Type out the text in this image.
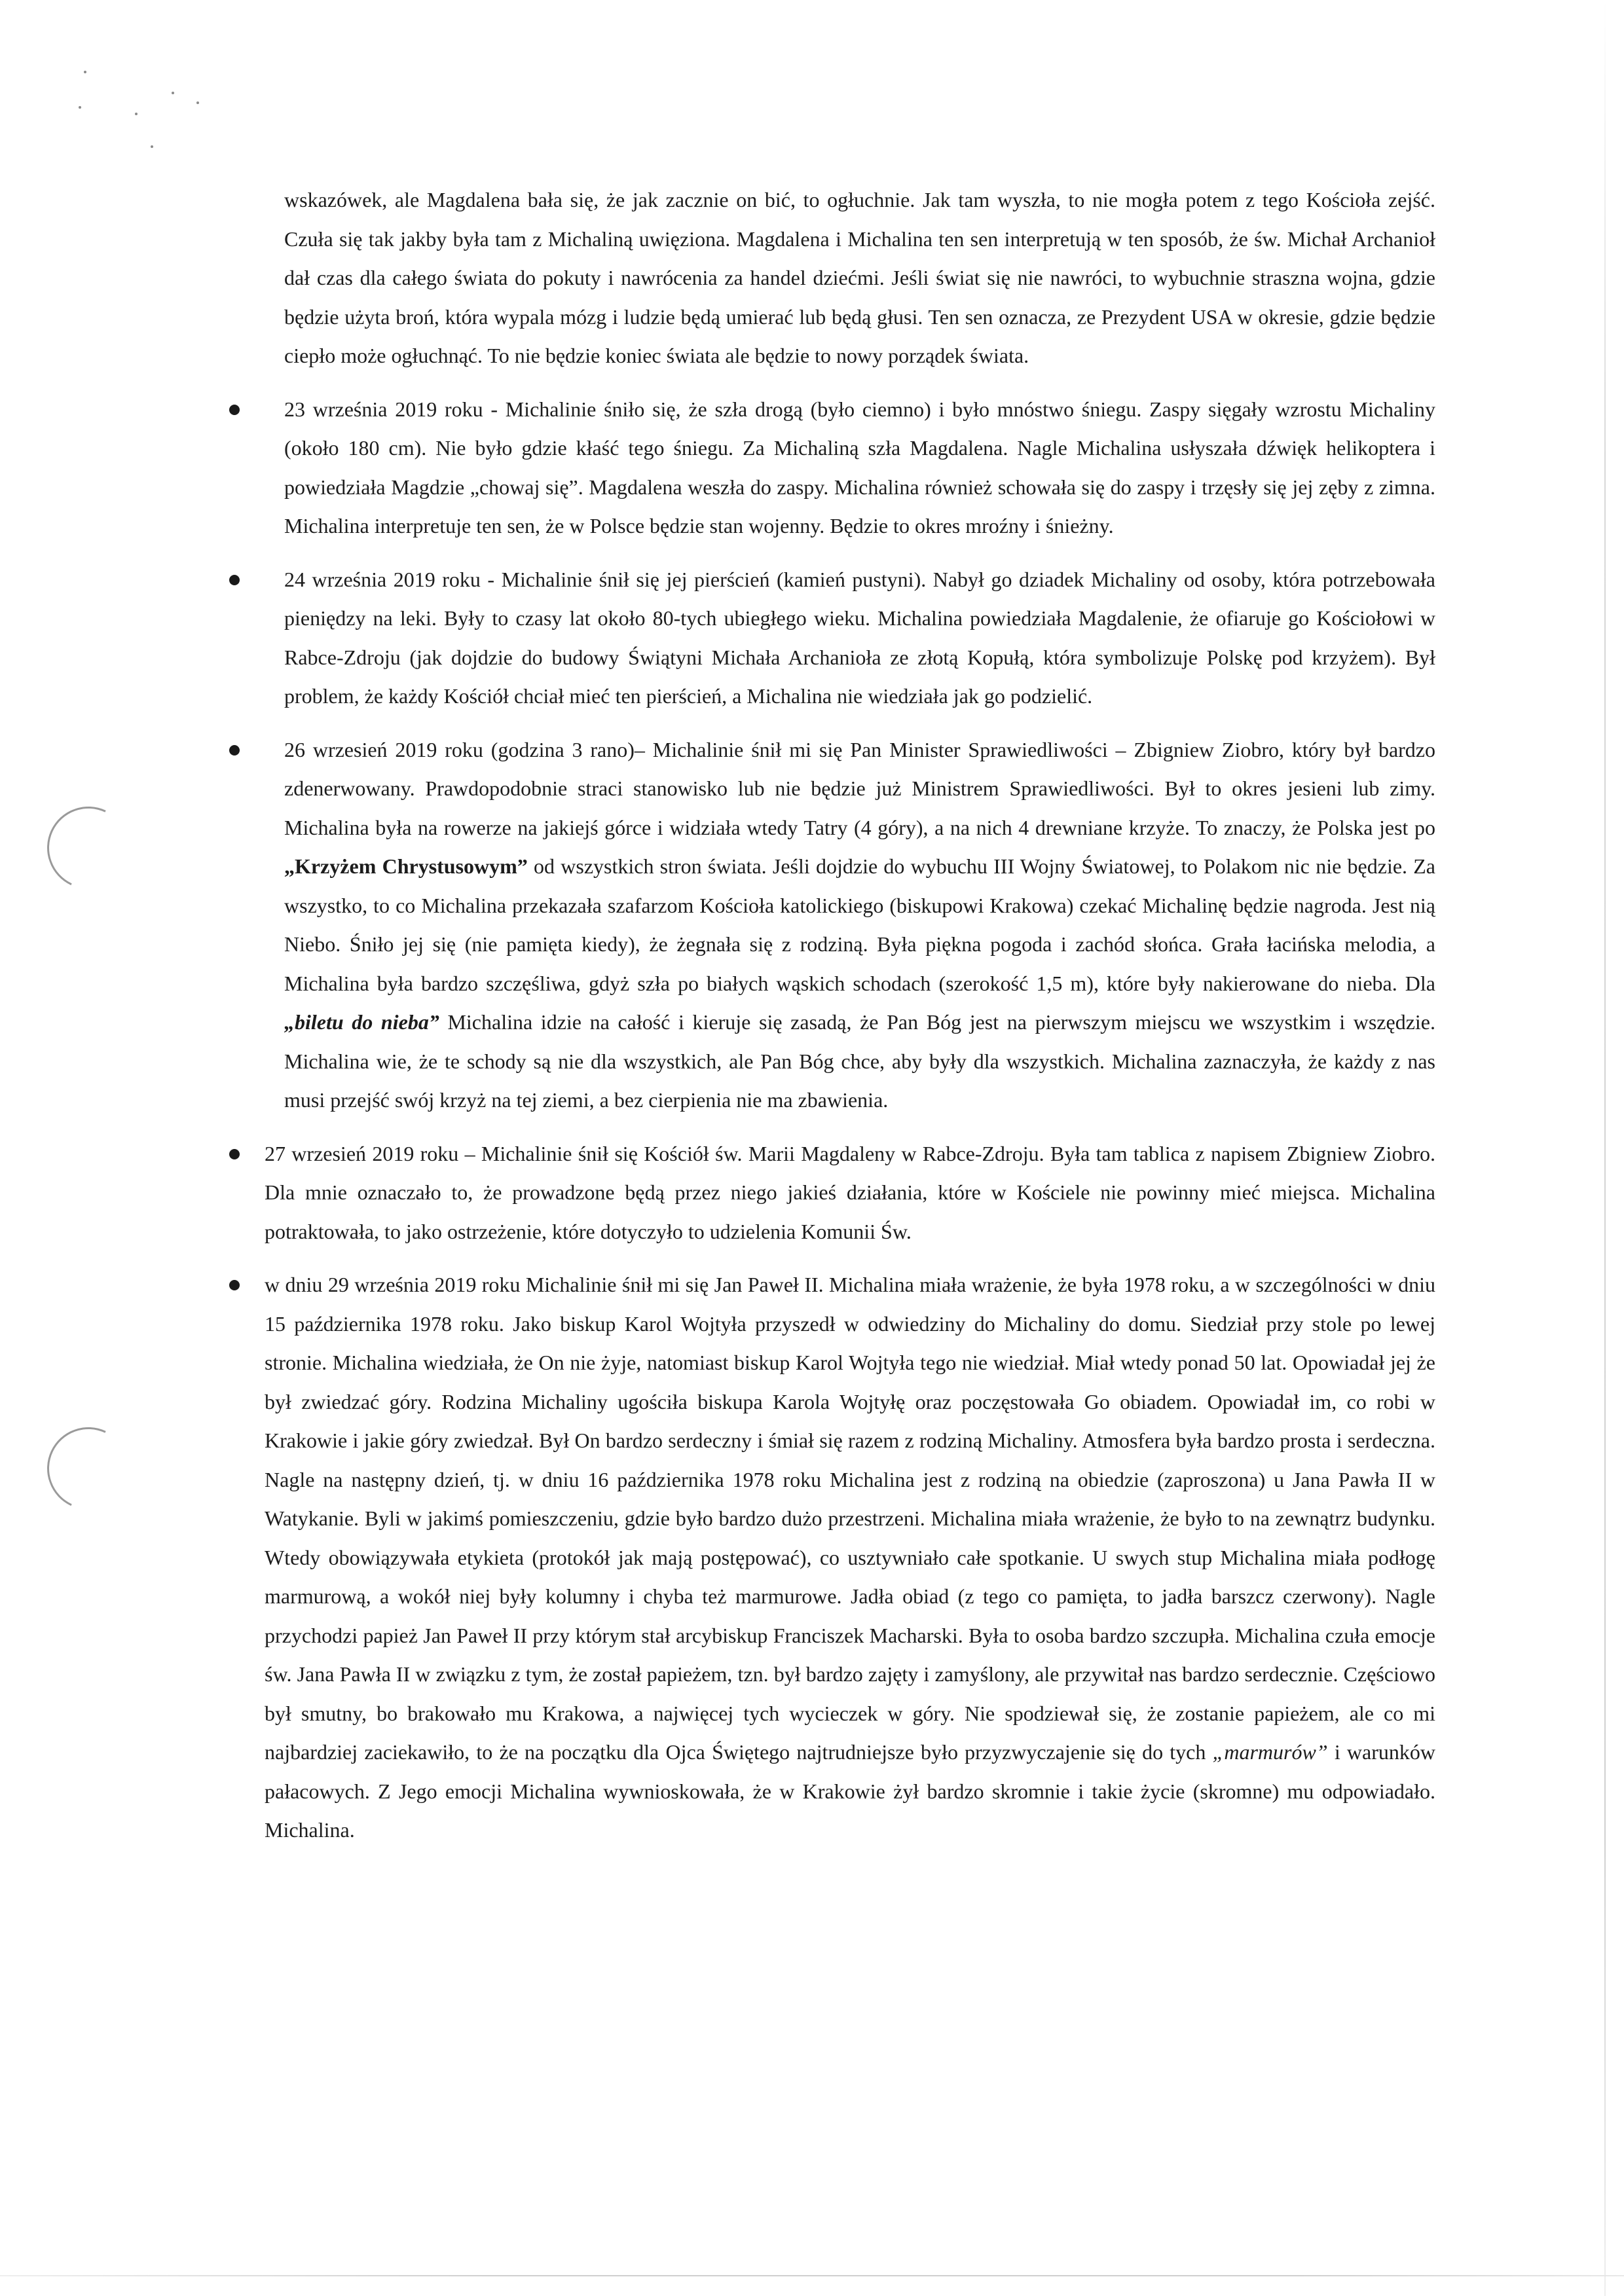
wskazówek, ale Magdalena bała się, że jak zacznie on bić, to ogłuchnie. Jak tam wyszła, to nie mogła potem z tego Kościoła zejść. Czuła się tak jakby była tam z Michaliną uwięziona. Magdalena i Michalina ten sen interpretują w ten sposób, że św. Michał Archanioł dał czas dla całego świata do pokuty i nawrócenia za handel dziećmi. Jeśli świat się nie nawróci, to wybuchnie straszna wojna, gdzie będzie użyta broń, która wypala mózg i ludzie będą umierać lub będą głusi. Ten sen oznacza, ze Prezydent USA w okresie, gdzie będzie ciepło może ogłuchnąć. To nie będzie koniec świata ale będzie to nowy porządek świata.

23 września 2019 roku - Michalinie śniło się, że szła drogą (było ciemno) i było mnóstwo śniegu. Zaspy sięgały wzrostu Michaliny (około 180 cm). Nie było gdzie kłaść tego śniegu. Za Michaliną szła Magdalena. Nagle Michalina usłyszała dźwięk helikoptera i powiedziała Magdzie „chowaj się”. Magdalena weszła do zaspy. Michalina również schowała się do zaspy i trzęsły się jej zęby z zimna. Michalina interpretuje ten sen, że w Polsce będzie stan wojenny. Będzie to okres mroźny i śnieżny.
24 września 2019 roku - Michalinie śnił się jej pierścień (kamień pustyni). Nabył go dziadek Michaliny od osoby, która potrzebowała pieniędzy na leki. Były to czasy lat około 80-tych ubiegłego wieku. Michalina powiedziała Magdalenie, że ofiaruje go Kościołowi w Rabce-Zdroju (jak dojdzie do budowy Świątyni Michała Archanioła ze złotą Kopułą, która symbolizuje Polskę pod krzyżem). Był problem, że każdy Kościół chciał mieć ten pierścień, a Michalina nie wiedziała jak go podzielić.
26 wrzesień 2019 roku (godzina 3 rano)– Michalinie śnił mi się Pan Minister Sprawiedliwości – Zbigniew Ziobro, który był bardzo zdenerwowany. Prawdopodobnie straci stanowisko lub nie będzie już Ministrem Sprawiedliwości. Był to okres jesieni lub zimy. Michalina była na rowerze na jakiejś górce i widziała wtedy Tatry (4 góry), a na nich 4 drewniane krzyże. To znaczy, że Polska jest po „Krzyżem Chrystusowym” od wszystkich stron świata. Jeśli dojdzie do wybuchu III Wojny Światowej, to Polakom nic nie będzie. Za wszystko, to co Michalina przekazała szafarzom Kościoła katolickiego (biskupowi Krakowa) czekać Michalinę będzie nagroda. Jest nią Niebo. Śniło jej się (nie pamięta kiedy), że żegnała się z rodziną. Była piękna pogoda i zachód słońca. Grała łacińska melodia, a Michalina była bardzo szczęśliwa, gdyż szła po białych wąskich schodach (szerokość 1,5 m), które były nakierowane do nieba. Dla „biletu do nieba” Michalina idzie na całość i kieruje się zasadą, że Pan Bóg jest na pierwszym miejscu we wszystkim i wszędzie. Michalina wie, że te schody są nie dla wszystkich, ale Pan Bóg chce, aby były dla wszystkich. Michalina zaznaczyła, że każdy z nas musi przejść swój krzyż na tej ziemi, a bez cierpienia nie ma zbawienia.
27 wrzesień 2019 roku – Michalinie śnił się Kościół św. Marii Magdaleny w Rabce-Zdroju. Była tam tablica z napisem Zbigniew Ziobro. Dla mnie oznaczało to, że prowadzone będą przez niego jakieś działania, które w Kościele nie powinny mieć miejsca. Michalina potraktowała, to jako ostrzeżenie, które dotyczyło to udzielenia Komunii Św.
w dniu 29 września 2019 roku Michalinie śnił mi się Jan Paweł II. Michalina miała wrażenie, że była 1978 roku, a w szczególności w dniu 15 października 1978 roku. Jako biskup Karol Wojtyła przyszedł w odwiedziny do Michaliny do domu. Siedział przy stole po lewej stronie. Michalina wiedziała, że On nie żyje, natomiast biskup Karol Wojtyła tego nie wiedział. Miał wtedy ponad 50 lat. Opowiadał jej że był zwiedzać góry. Rodzina Michaliny ugościła biskupa Karola Wojtyłę oraz poczęstowała Go obiadem. Opowiadał im, co robi w Krakowie i jakie góry zwiedzał. Był On bardzo serdeczny i śmiał się razem z rodziną Michaliny. Atmosfera była bardzo prosta i serdeczna. Nagle na następny dzień, tj. w dniu 16 października 1978 roku Michalina jest z rodziną na obiedzie (zaproszona) u Jana Pawła II w Watykanie. Byli w jakimś pomieszczeniu, gdzie było bardzo dużo przestrzeni. Michalina miała wrażenie, że było to na zewnątrz budynku. Wtedy obowiązywała etykieta (protokół jak mają postępować), co usztywniało całe spotkanie. U swych stup Michalina miała podłogę marmurową, a wokół niej były kolumny i chyba też marmurowe. Jadła obiad (z tego co pamięta, to jadła barszcz czerwony). Nagle przychodzi papież Jan Paweł II przy którym stał arcybiskup Franciszek Macharski. Była to osoba bardzo szczupła. Michalina czuła emocje św. Jana Pawła II w związku z tym, że został papieżem, tzn. był bardzo zajęty i zamyślony, ale przywitał nas bardzo serdecznie. Częściowo był smutny, bo brakowało mu Krakowa, a najwięcej tych wycieczek w góry. Nie spodziewał się, że zostanie papieżem, ale co mi najbardziej zaciekawiło, to że na początku dla Ojca Świętego najtrudniejsze było przyzwyczajenie się do tych „marmurów” i warunków pałacowych. Z Jego emocji Michalina wywnioskowała, że w Krakowie żył bardzo skromnie i takie życie (skromne) mu odpowiadało. Michalina.
